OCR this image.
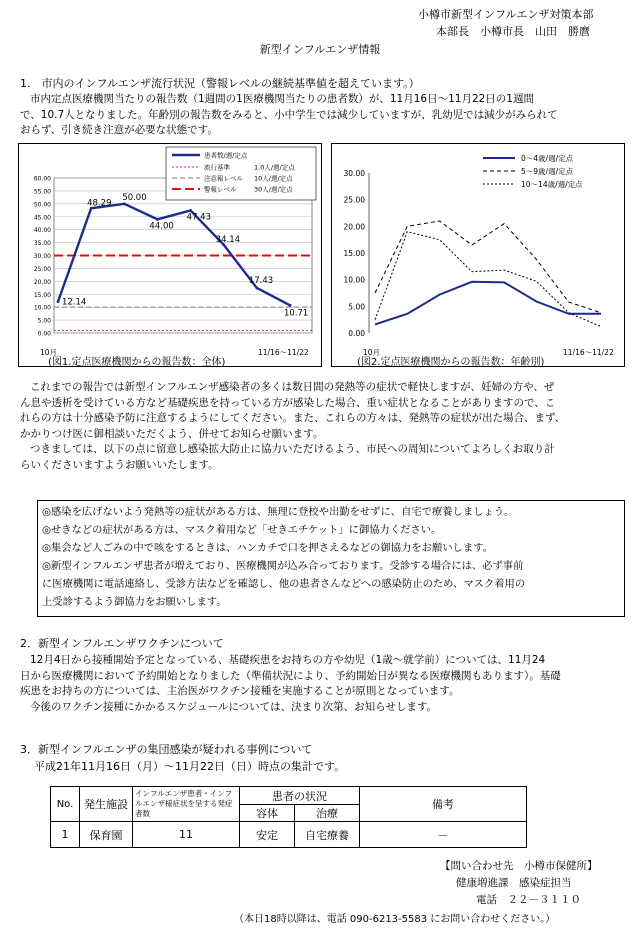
小樽市新型インフルエンザ対策本部
本部長　小樽市長　山田　勝麿
新型インフルエンザ情報
1.　市内のインフルエンザ流行状況（警報レベルの継続基準値を超えています。）
市内定点医療機関当たりの報告数（1週間の1医療機関当たりの患者数）が、11月16日〜11月22日の1週間
で、10.7人となりました。年齢別の報告数をみると、小中学生では減少していますが、乳幼児では減少がみられて
おらず、引き続き注意が必要な状態です。
0.00
5.00
10.00
15.00
20.00
25.00
30.00
35.00
40.00
45.00
50.00
55.00
60.00
患者数/週/定点
流行基準	1.0人/週/定点
注意報レベル 10人/週/定点
警報レベル	30人/週/定点
12.14
48.29
50.00
44.00
47.43
34.14
17.43
10.71
10月	11/16〜11/22
(図1.定点医療機関からの報告数：全体)
0.00
5.00
10.00
15.00
20.00
25.00
30.00
0〜4歳/週/定点
5〜9歳/週/定点
10〜14歳/週/定点
10月	11/16〜11/22
(図2.定点医療機関からの報告数：年齢別)
これまでの報告では新型インフルエンザ感染者の多くは数日間の発熱等の症状で軽快しますが、妊婦の方や、ぜ
ん息や透析を受けている方など基礎疾患を持っている方が感染した場合、重い症状となることがありますので、こ
れらの方は十分感染予防に注意するようにしてください。また、これらの方々は、発熱等の症状が出た場合、まず、
かかりつけ医に御相談いただくよう、併せてお知らせ願います。
つきましては、以下の点に留意し感染拡大防止に協力いただけるよう、市民への周知についてよろしくお取り計
らいくださいますようお願いいたします。
◎感染を広げないよう発熱等の症状がある方は、無理に登校や出勤をせずに、自宅で療養しましょう。
◎せきなどの症状がある方は、マスク着用など「せきエチケット」に御協力ください。
◎集会など人ごみの中で咳をするときは、ハンカチで口を押さえるなどの御協力をお願いします。
◎新型インフルエンザ患者が増えており、医療機関が込み合っております。受診する場合には、必ず事前
に医療機関に電話連絡し、受診方法などを確認し、他の患者さんなどへの感染防止のため、マスク着用の
上受診するよう御協力をお願いします。
2．新型インフルエンザワクチンについて
12月4日から接種開始予定となっている、基礎疾患をお持ちの方や幼児（1歳〜就学前）については、11月24
日から医療機関において予約開始となりました（準備状況により、予約開始日が異なる医療機関もあります）。基礎
疾患をお持ちの方については、主治医がワクチン接種を実施することが原則となっています。
今後のワクチン接種にかかるスケジュールについては、決まり次第、お知らせします。
3．新型インフルエンザの集団感染が疑われる事例について
平成21年11月16日（月）〜11月22日（日）時点の集計です。
No.	発生施設	インフルエンザ患者・インフルエンザ様症状を呈する発症者数	患者の状況		備考
			容体	治療	
1	保育園	11	安定	自宅療養	－
【問い合わせ先　小樽市保健所】
健康増進課　感染症担当
電話　２２－３１１０
（本日18時以降は、電話 090-6213-5583 にお問い合わせください。）
